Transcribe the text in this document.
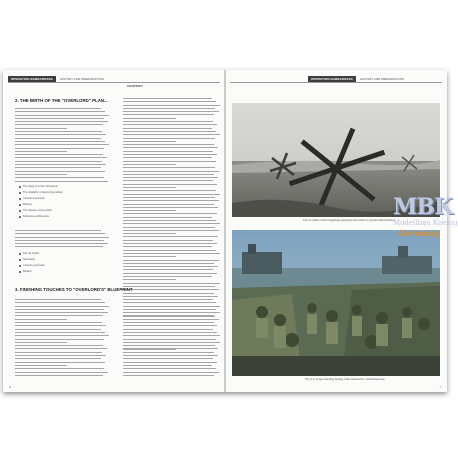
OPERATION BARBAROSSA	HISTORY AND PREPARATIONS
CHAPTER I
2. THE BIRTH OF THE "OVERLORD" PLAN...
The siege of Lower Normandy
The reliability of destroying railway
Cotentin peninsula
Brittany
The release of the pistols
Defensive embrasures
Pas de Calais
Normandy
Cotentin peninsula
Brittany
3. FINISHING TOUCHES TO "OVERLORD'S" BLUEPRINT
6
OPERATION BARBAROSSA	HISTORY AND PREPARATIONS
Two so-called Czech hedgehogs deployed near Calais to repulse Allied landings
The U.S. troops boarding landing crafts destined for mainland Europe
7
MBK
Modellbau Koenig
Germany
